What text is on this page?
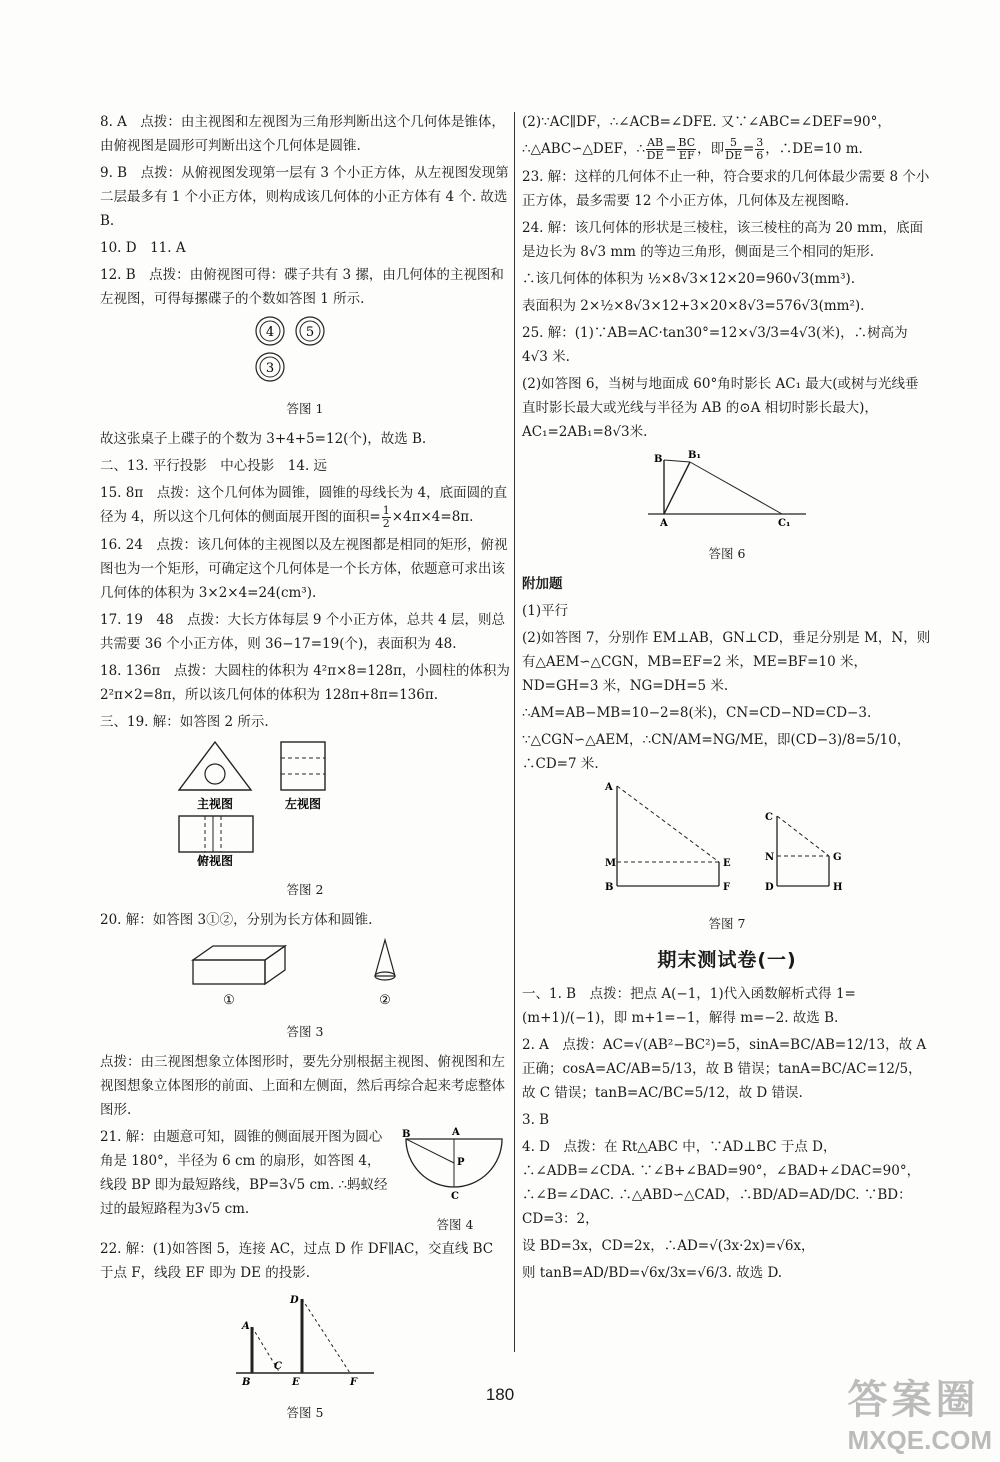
8. A　点拨：由主视图和左视图为三角形判断出这个几何体是锥体，由俯视图是圆形可判断出这个几何体是圆锥.

9. B　点拨：从俯视图发现第一层有 3 个小正方体，从左视图发现第二层最多有 1 个小正方体，则构成该几何体的小正方体有 4 个. 故选 B.

10. D　11. A

12. B　点拨：由俯视图可得：碟子共有 3 摞，由几何体的主视图和左视图，可得每摞碟子的个数如答图 1 所示.

4 5
3

答图 1

故这张桌子上碟子的个数为 3+4+5=12(个)，故选 B.

二、13. 平行投影　中心投影　14. 远

15. 8π　点拨：这个几何体为圆锥，圆锥的母线长为 4，底面圆的直径为 4，所以这个几何体的侧面展开图的面积= $\frac{1}{2} \times 4\pi\times 4=8\pi$.

16. 24　点拨：该几何体的主视图以及左视图都是相同的矩形，俯视图也为一个矩形，可确定这个几何体是一个长方体，依题意可求出该几何体的体积为 3×2×4=24(cm³).

17. 19　48　点拨：大长方体每层 9 个小正方体，总共 4 层，则总共需要 36 个小正方体，则 36−17=19(个)，表面积为 48.

18. 136π　点拨：大圆柱的体积为 4²π×8=128π，小圆柱的体积为 2²π×2=8π，所以该几何体的体积为 128π+8π=136π.

三、19. 解：如答图 2 所示.

主视图	左视图
俯视图

答图 2

20. 解：如答图 3①②，分别为长方体和圆锥.

①	②

答图 3

点拨：由三视图想象立体图形时，要先分别根据主视图、俯视图和左视图想象立体图形的前面、上面和左侧面，然后再综合起来考虑整体图形.

21. 解：由题意可知，圆锥的侧面展开图为圆心角是 180°，半径为 6 cm 的扇形，如答图 4，线段 BP 即为最短路线，BP=3√5 cm. ∴蚂蚁经过的最短路程为3√5 cm.

B	A
P
C

答图 4

22. 解：(1)如答图 5，连接 AC，过点 D 作 DF∥AC，交直线 BC 于点 F，线段 EF 即为 DE 的投影.

A
B
C
D
E	F

答图 5

(2)∵AC∥DF，∴∠ACB=∠DFE. 又∵∠ABC=∠DEF=90°，

∴△ABC∽△DEF，∴ $\frac{AB}{DE} = \frac{BC}{EF}$ ，即 $\frac{5}{DE} = \frac{3}{6}$ ，∴DE=10 m.

23. 解：这样的几何体不止一种，符合要求的几何体最少需要 8 个小正方体，最多需要 12 个小正方体，几何体及左视图略.

24. 解：该几何体的形状是三棱柱，该三棱柱的高为 20 mm，底面是边长为 8√3 mm 的等边三角形，侧面是三个相同的矩形.

∴该几何体的体积为 ½×8√3×12×20=960√3(mm³).

表面积为 2×½×8√3×12+3×20×8√3=576√3(mm²).

25. 解：(1)∵AB=AC·tan30°=12×√3/3=4√3(米)，∴树高为 4√3 米.

(2)如答图 6，当树与地面成 60°角时影长 AC₁ 最大(或树与光线垂直时影长最大或光线与半径为 AB 的⊙A 相切时影长最大)，AC₁=2AB₁=8√3米.

B	B₁
A	C₁

答图 6

附加题

(1)平行

(2)如答图 7，分别作 EM⊥AB，GN⊥CD，垂足分别是 M，N，则有△AEM∽△CGN，MB=EF=2 米，ME=BF=10 米，ND=GH=3 米，NG=DH=5 米.

∴AM=AB−MB=10−2=8(米)，CN=CD−ND=CD−3.

∵△CGN∽△AEM，∴CN/AM=NG/ME，即(CD−3)/8=5/10，∴CD=7 米.

A
M
B
E
F
C
N
D
G
H

答图 7

期末测试卷(一)

一、1. B　点拨：把点 A(−1，1)代入函数解析式得 1=(m+1)/(−1)，即 m+1=−1，解得 m=−2. 故选 B.

2. A　点拨：AC=√(AB²−BC²)=5，sinA=BC/AB=12/13，故 A 正确；cosA=AC/AB=5/13，故 B 错误；tanA=BC/AC=12/5，故 C 错误；tanB=AC/BC=5/12，故 D 错误.

3. B

4. D　点拨：在 Rt△ABC 中，∵AD⊥BC 于点 D，∴∠ADB=∠CDA. ∵∠B+∠BAD=90°，∠BAD+∠DAC=90°，∴∠B=∠DAC. ∴△ABD∽△CAD，∴BD/AD=AD/DC. ∵BD：CD=3：2，

设 BD=3x，CD=2x，∴AD=√(3x·2x)=√6x，

则 tanB=AD/BD=√6x/3x=√6/3. 故选 D.

180	答案圈
MXQE.COM
